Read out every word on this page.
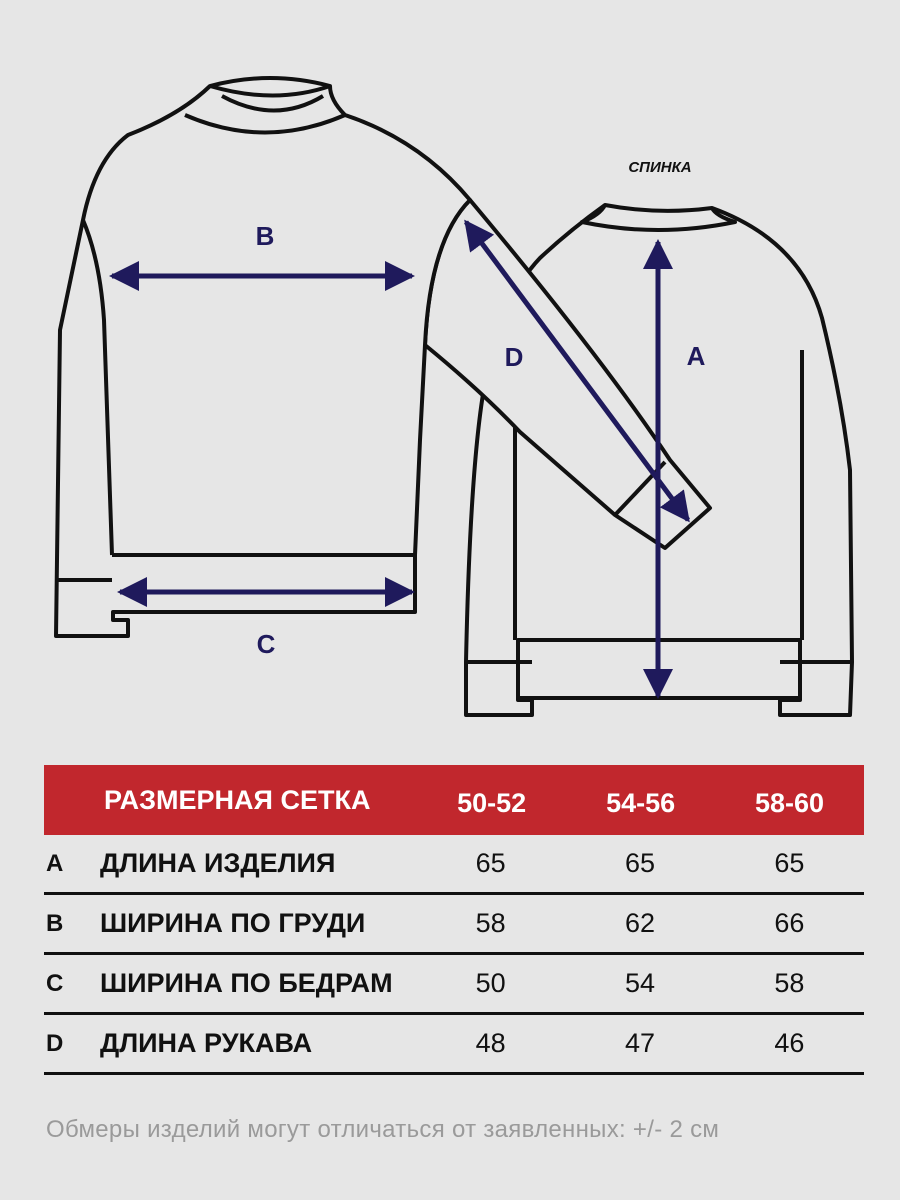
B
C
A
D
СПИНКА
РАЗМЕРНАЯ СЕТКА	50-52	54-56	58-60
A	ДЛИНА ИЗДЕЛИЯ	65	65	65
B	ШИРИНА ПО ГРУДИ	58	62	66
C	ШИРИНА ПО БЕДРАМ	50	54	58
D	ДЛИНА РУКАВА	48	47	46
Обмеры изделий могут отличаться от заявленных: +/- 2 см
